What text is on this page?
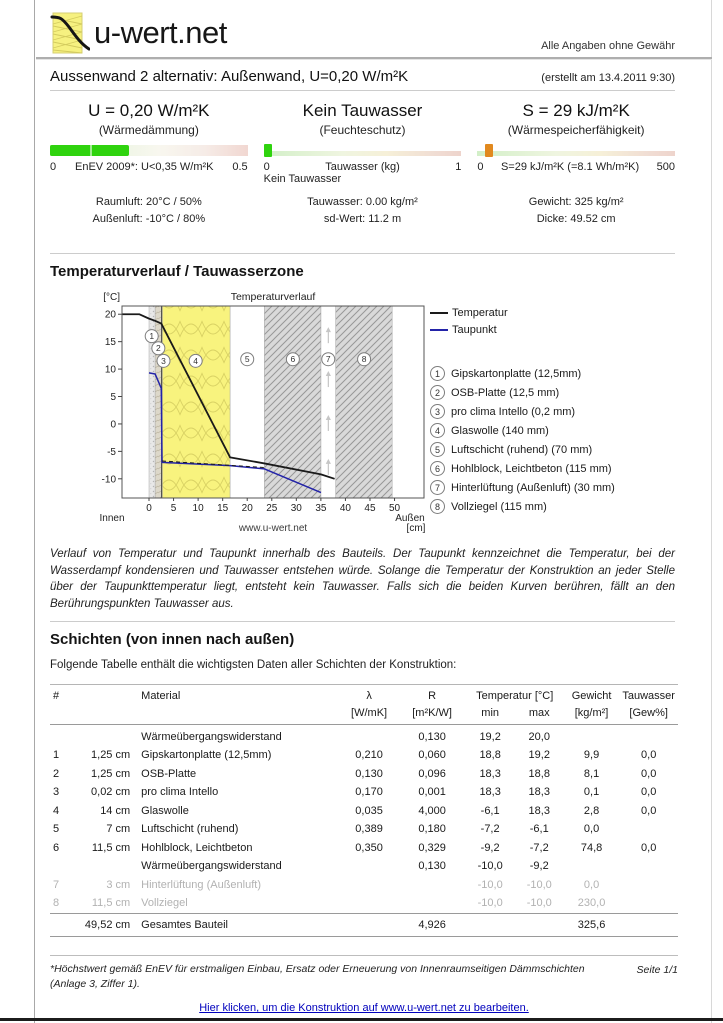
u-wert.net	Alle Angaben ohne Gewähr
Aussenwand 2 alternativ: Außenwand, U=0,20 W/m²K	(erstellt am 13.4.2011 9:30)
U = 0,20 W/m²K
(Wärmedämmung)
0	EnEV 2009*: U<0,35 W/m²K	0.5
Raumluft: 20°C / 50%
Außenluft: -10°C / 80%
Kein Tauwasser
(Feuchteschutz)
0	Tauwasser (kg)	1
Kein Tauwasser
Tauwasser: 0.00 kg/m²
sd-Wert: 11.2 m
S = 29 kJ/m²K
(Wärmespeicherfähigkeit)
0	S=29 kJ/m²K (=8.1 Wh/m²K)	500
Gewicht: 325 kg/m²
Dicke: 49.52 cm
Temperaturverlauf / Tauwasserzone
1
2
3	4	5	6	7	8
0 5 10 15 20 25 30 35 40 45 50
20
15
10
5
0
-5
-10
Temperaturverlauf
[°C]
Innen
www.u-wert.net
Außen
[cm]
Temperatur
Taupunkt
1	Gipskartonplatte (12,5mm)
2	OSB-Platte (12,5 mm)
3	pro clima Intello (0,2 mm)
4	Glaswolle (140 mm)
5	Luftschicht (ruhend) (70 mm)
6	Hohlblock, Leichtbeton (115 mm)
7	Hinterlüftung (Außenluft) (30 mm)
8	Vollziegel (115 mm)

Verlauf von Temperatur und Taupunkt innerhalb des Bauteils. Der Taupunkt kennzeichnet die Temperatur, bei der Wasserdampf kondensieren und Tauwasser entstehen würde. Solange die Temperatur der Konstruktion an jeder Stelle über der Taupunkttemperatur liegt, entsteht kein Tauwasser. Falls sich die beiden Kurven berühren, fällt an den Berührungspunkten Tauwasser aus.

Schichten (von innen nach außen)

Folgende Tabelle enthält die wichtigsten Daten aller Schichten der Konstruktion:

#		Material	λ	R	Temperatur [°C]		Gewicht	Tauwasser
			[W/mK]	[m²K/W]	min	max	[kg/m²]	[Gew%]
		Wärmeübergangswiderstand		0,130	19,2	20,0		
1	1,25 cm	Gipskartonplatte (12,5mm)	0,210	0,060	18,8	19,2	9,9	0,0
2	1,25 cm	OSB-Platte	0,130	0,096	18,3	18,8	8,1	0,0
3	0,02 cm	pro clima Intello	0,170	0,001	18,3	18,3	0,1	0,0
4	14 cm	Glaswolle	0,035	4,000	-6,1	18,3	2,8	0,0
5	7 cm	Luftschicht (ruhend)	0,389	0,180	-7,2	-6,1	0,0	
6	11,5 cm	Hohlblock, Leichtbeton	0,350	0,329	-9,2	-7,2	74,8	0,0
		Wärmeübergangswiderstand		0,130	-10,0	-9,2		
7	3 cm	Hinterlüftung (Außenluft)			-10,0	-10,0	0,0	
8	11,5 cm	Vollziegel			-10,0	-10,0	230,0	
	49,52 cm	Gesamtes Bauteil		4,926			325,6	
*Höchstwert gemäß EnEV für erstmaligen Einbau, Ersatz oder Erneuerung von Innenraumseitigen Dämmschichten (Anlage 3, Ziffer 1).
Seite 1/1
Hier klicken, um die Konstruktion auf www.u-wert.net zu bearbeiten.
